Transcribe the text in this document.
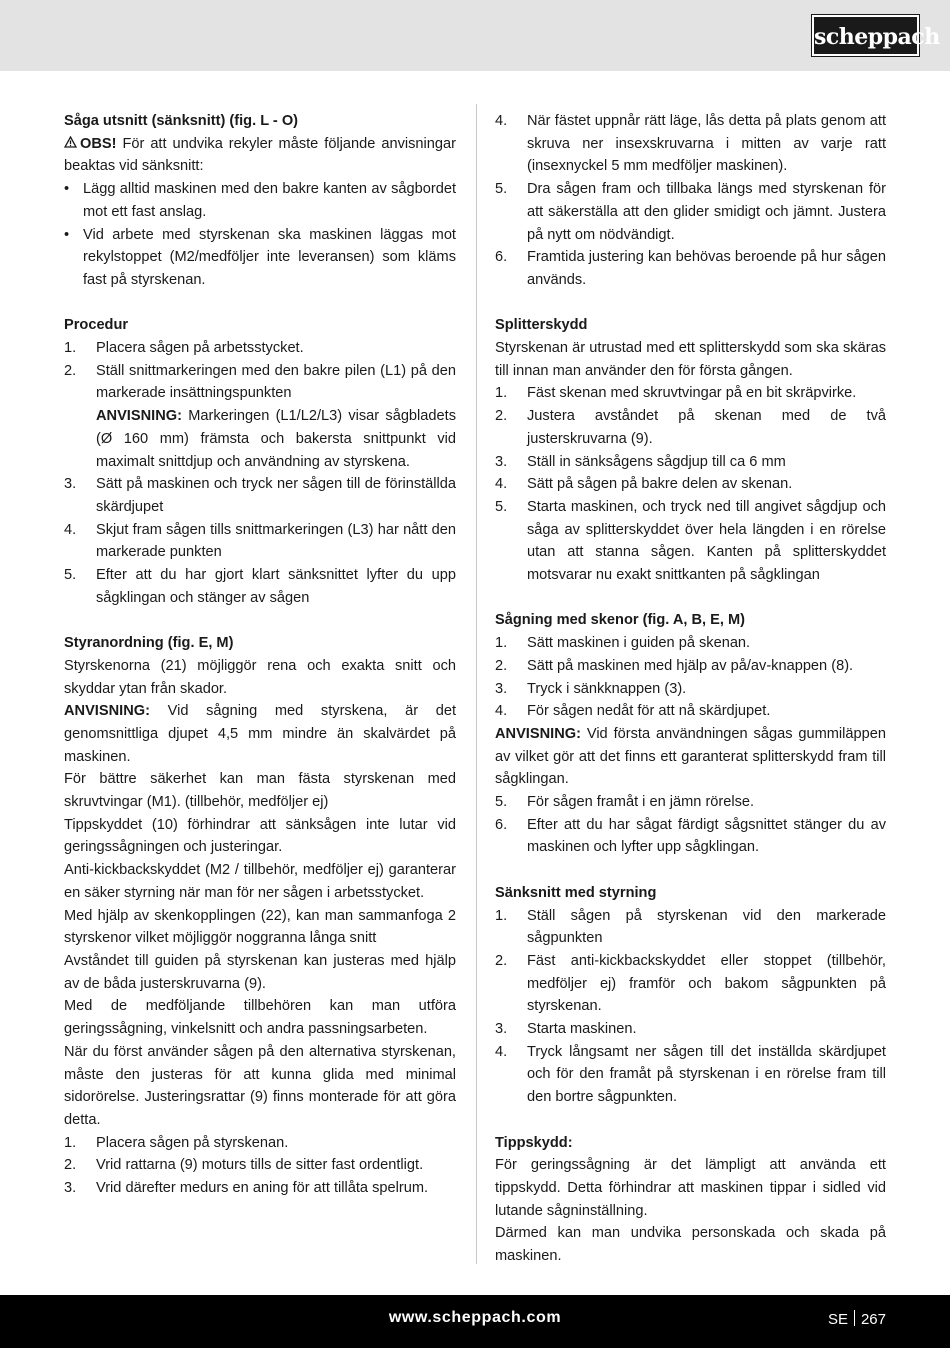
scheppach

Såga utsnitt (sänksnitt) (fig. L - O)

OBS! För att undvika rekyler måste följande anvisningar beaktas vid sänksnitt:

• Lägg alltid maskinen med den bakre kanten av sågbordet mot ett fast anslag.
• Vid arbete med styrskenan ska maskinen läggas mot rekylstoppet (M2/medföljer inte leveransen) som kläms fast på styrskenan.

Procedur

1. Placera sågen på arbetsstycket.
2. Ställ snittmarkeringen med den bakre pilen (L1) på den markerade insättningspunkten
ANVISNING: Markeringen (L1/L2/L3) visar sågbladets (Ø 160 mm) främsta och bakersta snittpunkt vid maximalt snittdjup och användning av styrskena.
3. Sätt på maskinen och tryck ner sågen till de förinställda skärdjupet
4. Skjut fram sågen tills snittmarkeringen (L3) har nått den markerade punkten
5. Efter att du har gjort klart sänksnittet lyfter du upp sågklingan och stänger av sågen

Styranordning (fig. E, M)

Styrskenorna (21) möjliggör rena och exakta snitt och skyddar ytan från skador.

ANVISNING: Vid sågning med styrskena, är det genomsnittliga djupet 4,5 mm mindre än skalvärdet på maskinen.

För bättre säkerhet kan man fästa styrskenan med skruvtvingar (M1). (tillbehör, medföljer ej)

Tippskyddet (10) förhindrar att sänksågen inte lutar vid geringssågningen och justeringar.

Anti-kickbackskyddet (M2 / tillbehör, medföljer ej) garanterar en säker styrning när man för ner sågen i arbetsstycket.

Med hjälp av skenkopplingen (22), kan man sammanfoga 2 styrskenor vilket möjliggör noggranna långa snitt

Avståndet till guiden på styrskenan kan justeras med hjälp av de båda justerskruvarna (9).

Med de medföljande tillbehören kan man utföra geringssågning, vinkelsnitt och andra passningsarbeten.

När du först använder sågen på den alternativa styrskenan, måste den justeras för att kunna glida med minimal sidorörelse. Justeringsrattar (9) finns monterade för att göra detta.

1. Placera sågen på styrskenan.
2. Vrid rattarna (9) moturs tills de sitter fast ordentligt.
3. Vrid därefter medurs en aning för att tillåta spelrum.
4. När fästet uppnår rätt läge, lås detta på plats genom att skruva ner insexskruvarna i mitten av varje ratt (insexnyckel 5 mm medföljer maskinen).
5. Dra sågen fram och tillbaka längs med styrskenan för att säkerställa att den glider smidigt och jämnt. Justera på nytt om nödvändigt.
6. Framtida justering kan behövas beroende på hur sågen används.

Splitterskydd

Styrskenan är utrustad med ett splitterskydd som ska skäras till innan man använder den för första gången.

1. Fäst skenan med skruvtvingar på en bit skräpvirke.
2. Justera avståndet på skenan med de två justerskruvarna (9).
3. Ställ in sänksågens sågdjup till ca 6 mm
4. Sätt på sågen på bakre delen av skenan.
5. Starta maskinen, och tryck ned till angivet sågdjup och såga av splitterskyddet över hela längden i en rörelse utan att stanna sågen. Kanten på splitterskyddet motsvarar nu exakt snittkanten på sågklingan

Sågning med skenor (fig. A, B, E, M)

1. Sätt maskinen i guiden på skenan.
2. Sätt på maskinen med hjälp av på/av-knappen (8).
3. Tryck i sänkknappen (3).
4. För sågen nedåt för att nå skärdjupet.

ANVISNING: Vid första användningen sågas gummiläppen av vilket gör att det finns ett garanterat splitterskydd fram till sågklingan.

5. För sågen framåt i en jämn rörelse.
6. Efter att du har sågat färdigt sågsnittet stänger du av maskinen och lyfter upp sågklingan.

Sänksnitt med styrning

1. Ställ sågen på styrskenan vid den markerade sågpunkten
2. Fäst anti-kickbackskyddet eller stoppet (tillbehör, medföljer ej) framför och bakom sågpunkten på styrskenan.
3. Starta maskinen.
4. Tryck långsamt ner sågen till det inställda skärdjupet och för den framåt på styrskenan i en rörelse fram till den bortre sågpunkten.

Tippskydd:

För geringssågning är det lämpligt att använda ett tippskydd. Detta förhindrar att maskinen tippar i sidled vid lutande sågninställning.

Därmed kan man undvika personskada och skada på maskinen.

www.scheppach.com	SE 267
